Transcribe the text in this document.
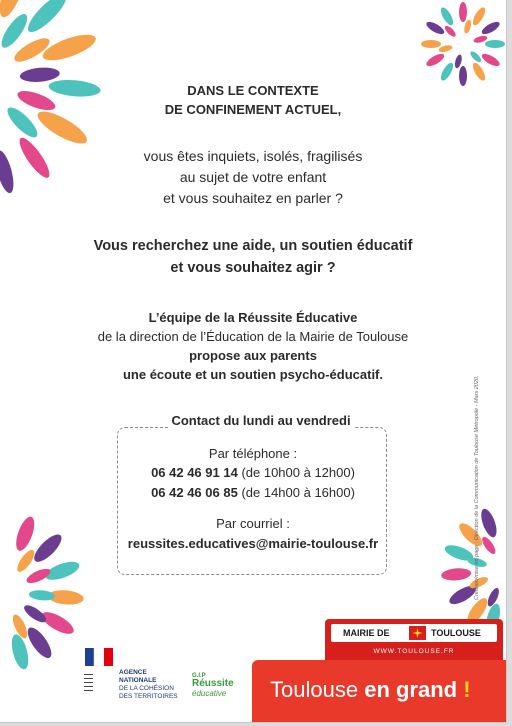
DANS LE CONTEXTE
DE CONFINEMENT ACTUEL,
vous êtes inquiets, isolés, fragilisés
au sujet de votre enfant
et vous souhaitez en parler ?
Vous recherchez une aide, un soutien éducatif
et vous souhaitez agir ?
L’équipe de la Réussite Éducative
de la direction de l’Éducation de la Mairie de Toulouse
propose aux parents
une écoute et un soutien psycho-éducatif.
Contact du lundi au vendredi
Par téléphone :
06 42 46 91 14 (de 10h00 à 12h00)
06 42 46 06 85 (de 14h00 à 16h00)
Par courriel :
reussites.educatives@mairie-toulouse.fr	Création/mise en page : Direction de la Communication de Toulouse Métropole - Mars 2020.
▬▬▬
▬▬▬
▬▬▬
▬▬▬
▬▬▬
AGENCE
NATIONALE
DE LA COHÉSION
DES TERRITOIRES
G.I.P
Réussite
éducative
MAIRIE DE	TOULOUSE
WWW.TOULOUSE.FR
Toulouse en grand !
